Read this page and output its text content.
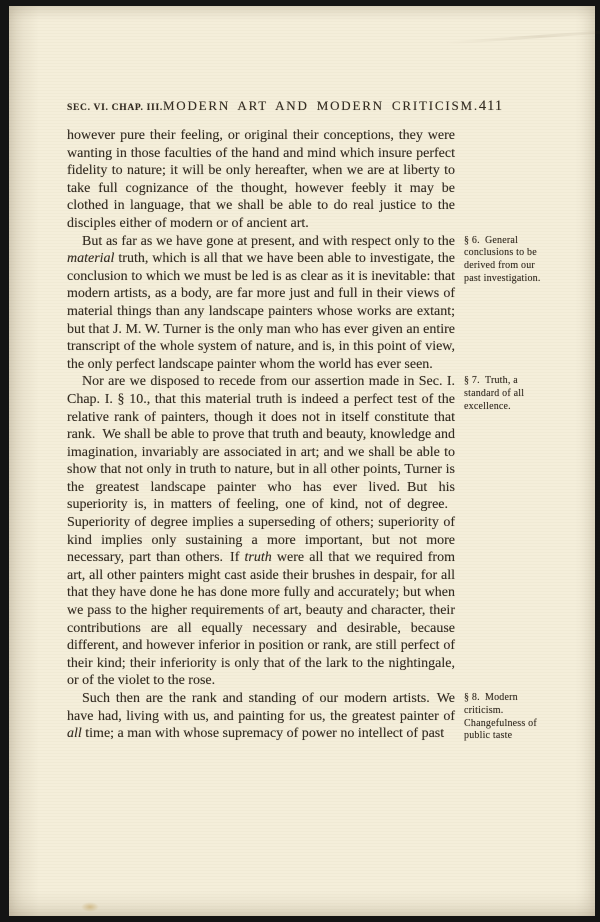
SEC. VI. CHAP. III. MODERN ART AND MODERN CRITICISM. 411

however pure their feeling, or original their conceptions, they were wanting in those faculties of the hand and mind which insure perfect fidelity to nature; it will be only hereafter, when we are at liberty to take full cognizance of the thought, however feebly it may be clothed in language, that we shall be able to do real justice to the disciples either of modern or of ancient art.

But as far as we have gone at present, and with respect only to the material truth, which is all that we have been able to investigate, the conclusion to which we must be led is as clear as it is inevitable: that modern artists, as a body, are far more just and full in their views of material things than any landscape painters whose works are extant; but that J. M. W. Turner is the only man who has ever given an entire transcript of the whole system of nature, and is, in this point of view, the only perfect landscape painter whom the world has ever seen.
§ 6. General conclusions to be derived from our past investigation.

Nor are we disposed to recede from our assertion made in Sec. I. Chap. I. § 10., that this material truth is indeed a perfect test of the relative rank of painters, though it does not in itself constitute that rank. We shall be able to prove that truth and beauty, knowledge and imagination, invariably are associated in art; and we shall be able to show that not only in truth to nature, but in all other points, Turner is the greatest landscape painter who has ever lived. But his superiority is, in matters of feeling, one of kind, not of degree. Superiority of degree implies a superseding of others; superiority of kind implies only sustaining a more important, but not more necessary, part than others. If truth were all that we required from art, all other painters might cast aside their brushes in despair, for all that they have done he has done more fully and accurately; but when we pass to the higher requirements of art, beauty and character, their contributions are all equally necessary and desirable, because different, and however inferior in position or rank, are still perfect of their kind; their inferiority is only that of the lark to the nightingale, or of the violet to the rose.
§ 7. Truth, a standard of all excellence.

Such then are the rank and standing of our modern artists. We have had, living with us, and painting for us, the greatest painter of all time; a man with whose supremacy of power no intellect of past
§ 8. Modern criticism. Changefulness of public taste
